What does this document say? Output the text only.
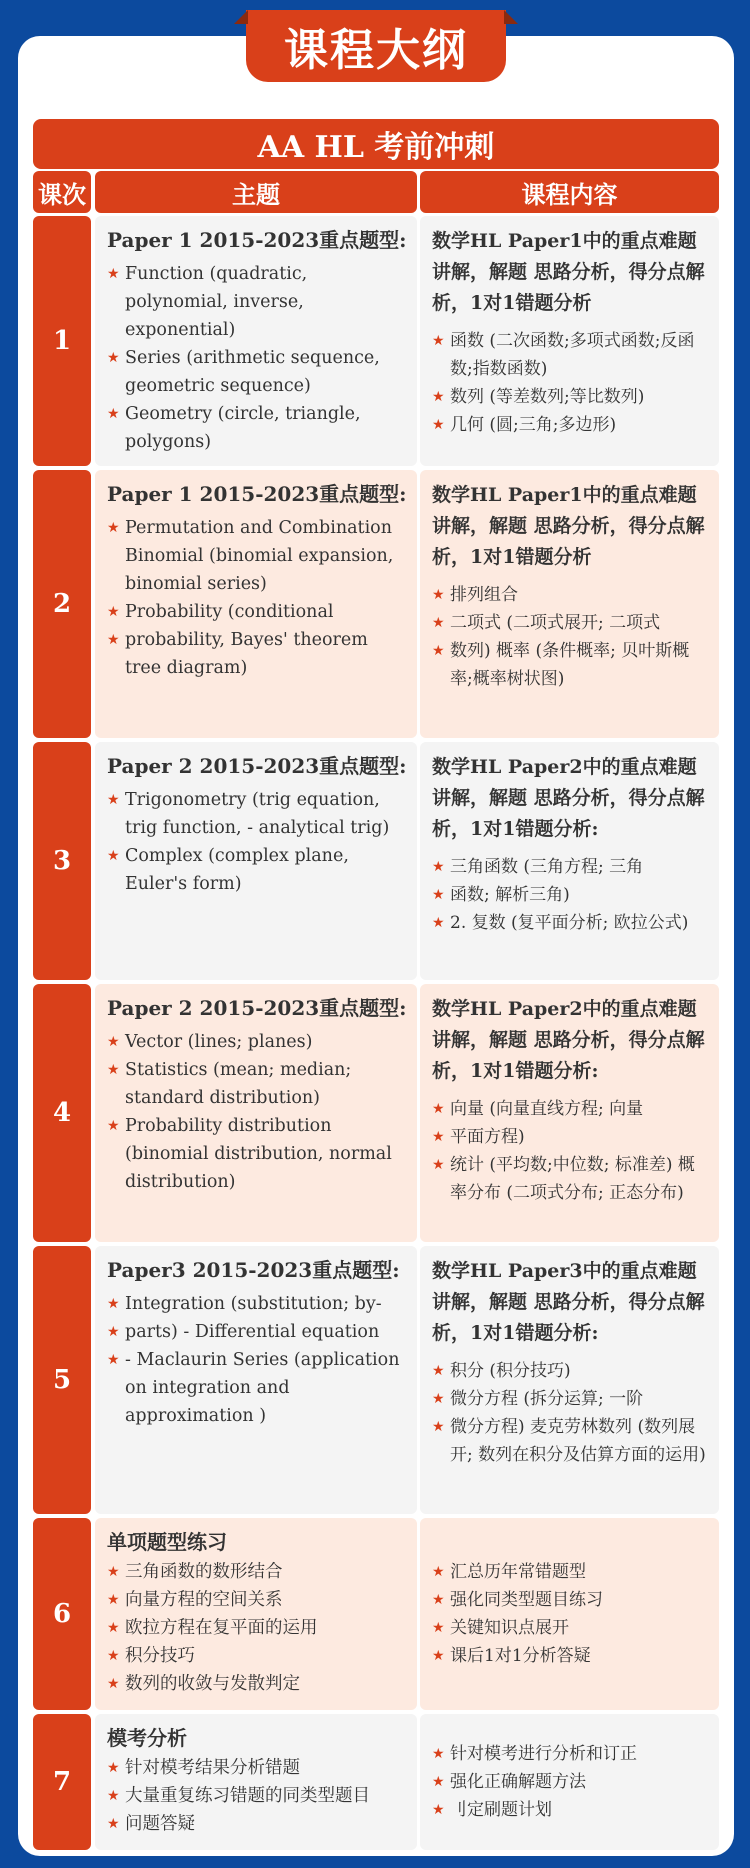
课程大纲
AA HL 考前冲刺
课次	主题	课程内容
1
Paper 1 2015-2023重点题型:
★ Function (quadratic, polynomial, inverse, exponential)
★ Series (arithmetic sequence, geometric sequence)
★ Geometry (circle, triangle, polygons)
数学HL Paper1中的重点难题讲解，解题 思路分析，得分点解析，1对1错题分析
★ 函数 (二次函数;多项式函数;反函 数;指数函数)
★ 数列 (等差数列;等比数列)
★ 几何 (圆;三角;多边形)
2
Paper 1 2015-2023重点题型:
★ Permutation and Combination Binomial (binomial expansion, binomial series)
★ Probability (conditional
★ probability, Bayes' theorem tree diagram)
数学HL Paper1中的重点难题讲解，解题 思路分析，得分点解析，1对1错题分析
★ 排列组合
★ 二项式 (二项式展开; 二项式
★ 数列) 概率 (条件概率; 贝叶斯概率;概率树状图)
3
Paper 2 2015-2023重点题型:
★ Trigonometry (trig equation, trig function, - analytical trig)
★ Complex (complex plane, Euler's form)
数学HL Paper2中的重点难题讲解，解题 思路分析，得分点解析，1对1错题分析:
★ 三角函数 (三角方程; 三角
★ 函数; 解析三角)
★ 2. 复数 (复平面分析; 欧拉公式)
4
Paper 2 2015-2023重点题型:
★ Vector (lines; planes)
★ Statistics (mean; median; standard distribution)
★ Probability distribution (binomial distribution, normal distribution)
数学HL Paper2中的重点难题讲解，解题 思路分析，得分点解析，1对1错题分析:
★ 向量 (向量直线方程; 向量
★ 平面方程)
★ 统计 (平均数;中位数; 标准差) 概率分布 (二项式分布; 正态分布)
5
Paper3 2015-2023重点题型:
★ Integration (substitution; by-
★ parts) - Differential equation
★ - Maclaurin Series (application on integration and approximation )
数学HL Paper3中的重点难题讲解，解题 思路分析，得分点解析，1对1错题分析:
★ 积分 (积分技巧)
★ 微分方程 (拆分运算; 一阶
★ 微分方程) 麦克劳林数列 (数列展开; 数列在积分及估算方面的运用)
6
单项题型练习
★ 三角函数的数形结合
★ 向量方程的空间关系
★ 欧拉方程在复平面的运用
★ 积分技巧
★ 数列的收敛与发散判定
★ 汇总历年常错题型
★ 强化同类型题目练习
★ 关键知识点展开
★ 课后1对1分析答疑
7
模考分析
★ 针对模考结果分析错题
★ 大量重复练习错题的同类型题目
★ 问题答疑
★ 针对模考进行分析和订正
★ 强化正确解题方法
★ 刂定刷题计划
